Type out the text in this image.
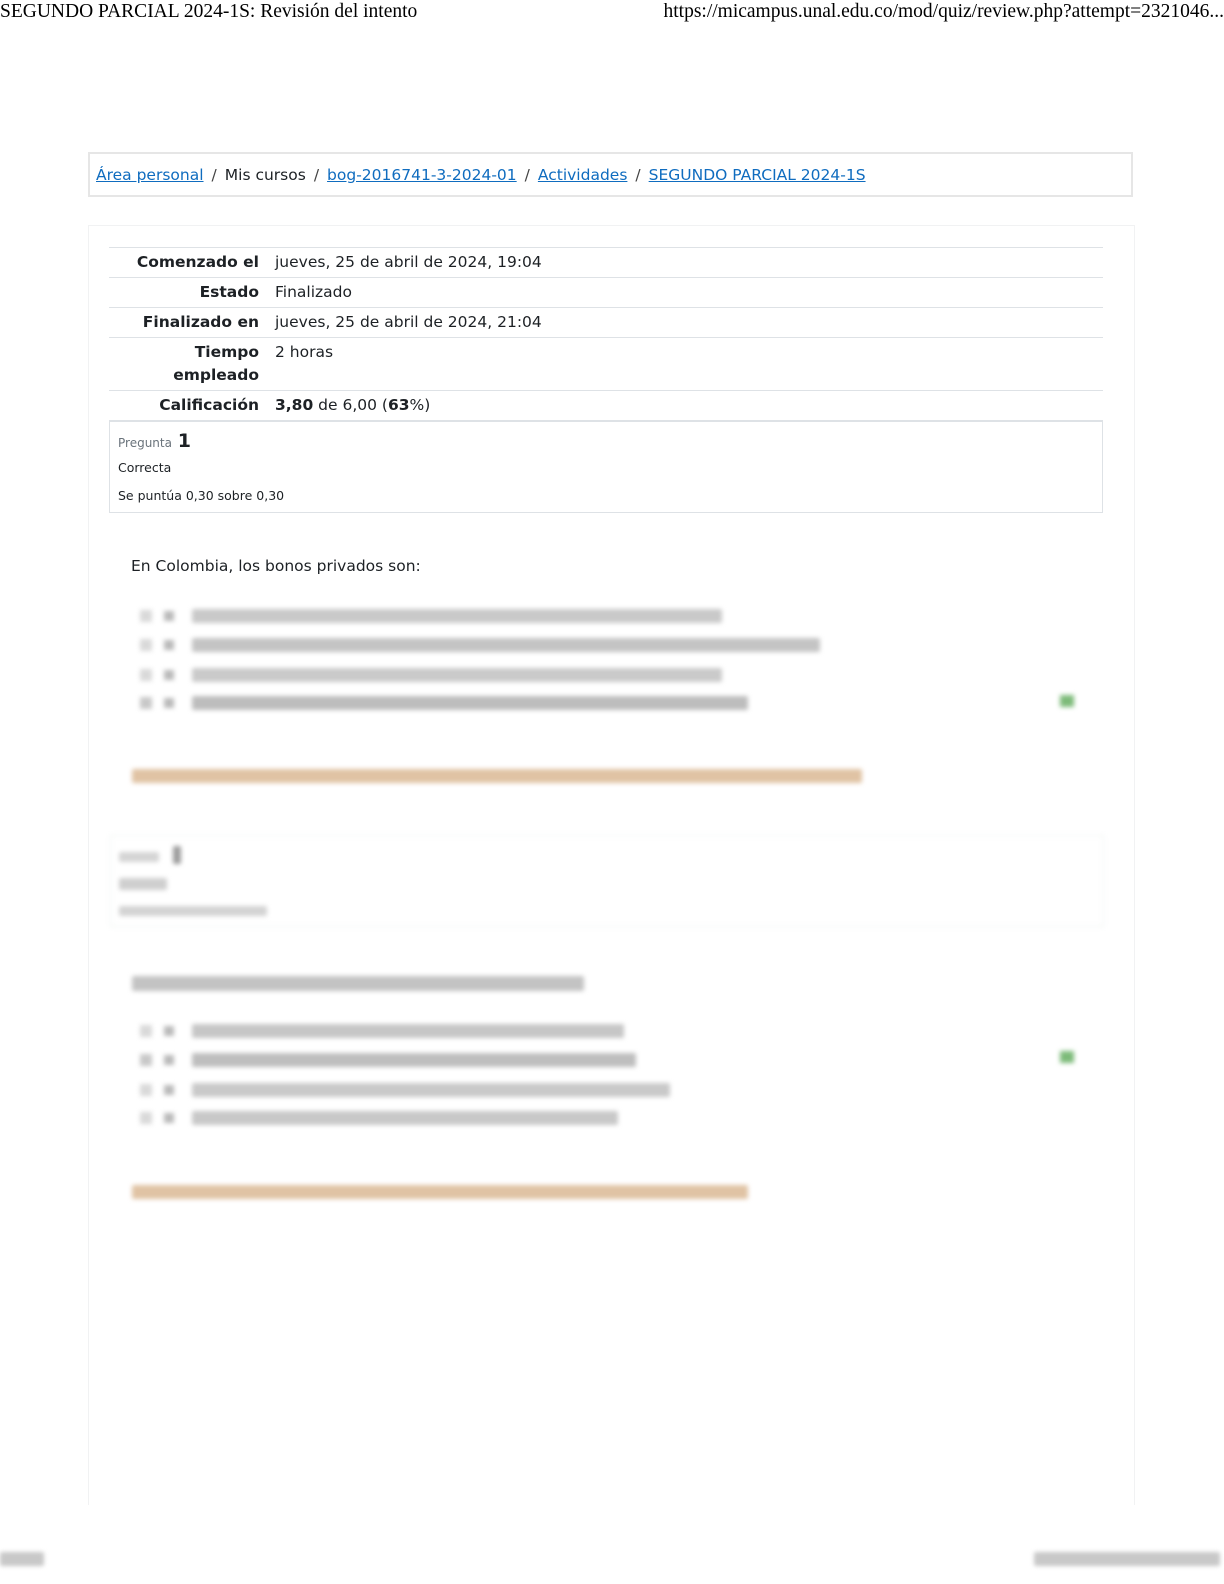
SEGUNDO PARCIAL 2024-1S: Revisión del intento	https://micampus.unal.edu.co/mod/quiz/review.php?attempt=2321046...
Área personal / Mis cursos / bog-2016741-3-2024-01 / Actividades / SEGUNDO PARCIAL 2024-1S
Comenzado el	jueves, 25 de abril de 2024, 19:04
Estado	Finalizado
Finalizado en	jueves, 25 de abril de 2024, 21:04
Tiempo empleado	2 horas
Calificación	3,80 de 6,00 (63%)
Pregunta 1
Correcta
Se puntúa 0,30 sobre 0,30
En Colombia, los bonos privados son:
